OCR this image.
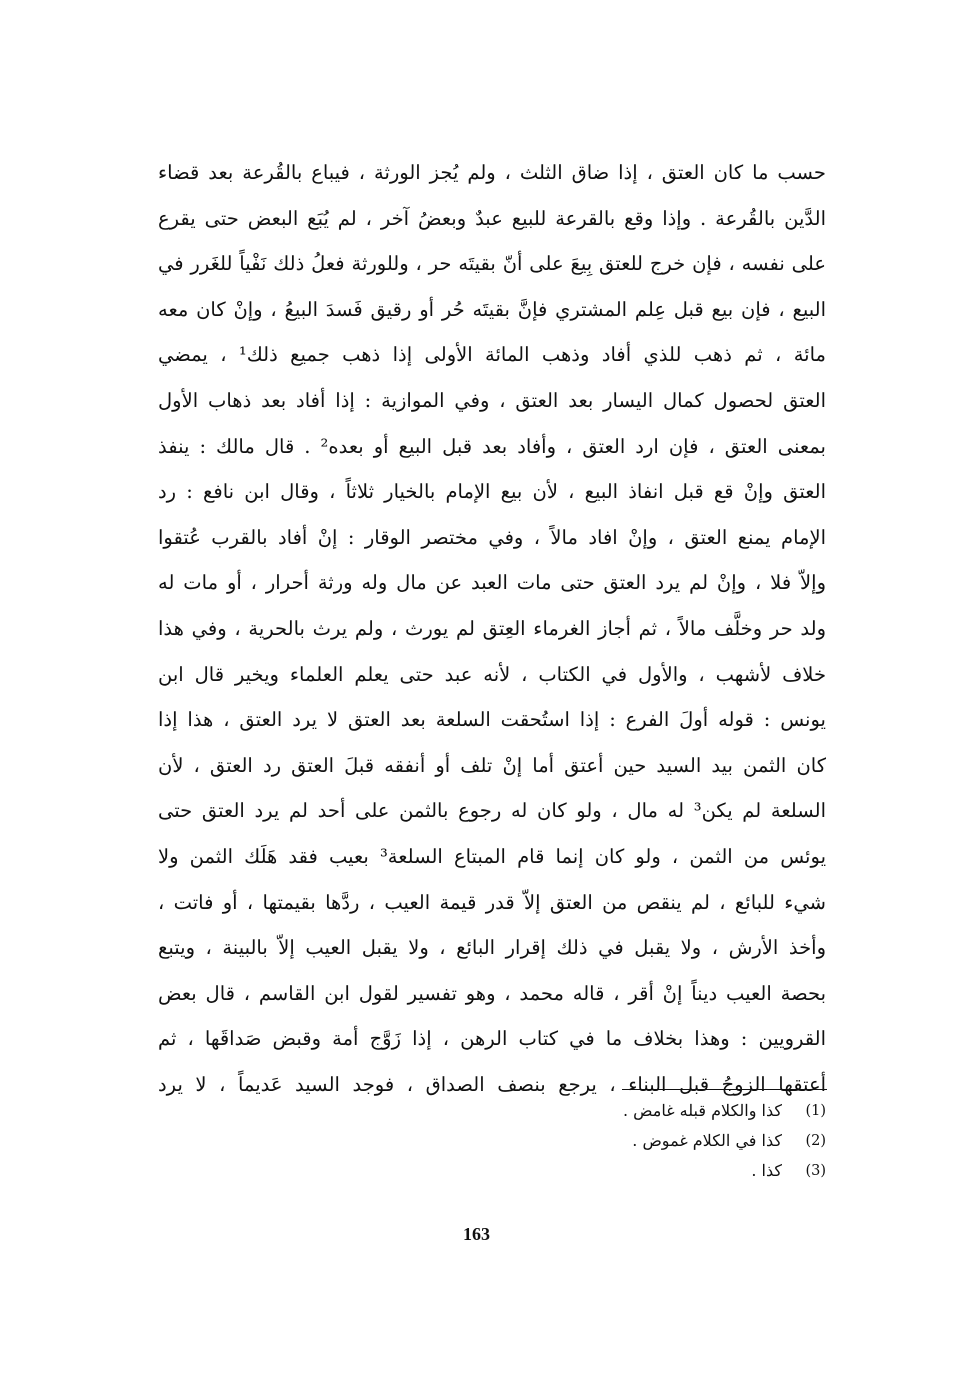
حسب ما كان العتق ، إذا ضاق الثلث ، ولم يُجز الورثة ، فيباع بالقُرعة بعد قضاء
الدَّين بالقُرعة . وإذا وقع بالقرعة للبيع عبدٌ وبعضُ آخر ، لم يُبَع البعض حتى يقرع
على نفسه ، فإن خرج للعتق بِيعَ على أنّ بقيتَه حر ، وللورثة فعلُ ذلك نَفْياً للغَرر في
البيع ، فإن بيع قبل عِلم المشتري فإنَّ بقيتَه حُر أو رقيق فَسدَ البيعُ ، وإنْ كان معه
مائة ، ثم ذهب للذي أفاد وذهب المائة الأولى إذا ذهب جميع ذلك¹ ، يمضي
العتق لحصول كمال اليسار بعد العتق ، وفي الموازية : إذا أفاد بعد ذهاب الأول
بمعنى العتق ، فإن ارد العتق ، وأفاد بعد قبل البيع أو بعده² . قال مالك : ينفذ
العتق وإنْ قع قبل انفاذ البيع ، لأن بيع الإمام بالخيار ثلاثاً ، وقال ابن نافع : رد
الإمام يمنع العتق ، وإنْ افاد مالاً ، وفي مختصر الوقار : إنْ أفاد بالقرب عُتقوا
وإلاّ فلا ، وإنْ لم يرد العتق حتى مات العبد عن مال وله ورثة أحرار ، أو مات له
ولد حر وخلَّف مالاً ، ثم أجاز الغرماء العِتق لم يورث ، ولم يرث بالحرية ، وفي هذا
خلاف لأشهب ، والأول في الكتاب ، لأنه عبد حتى يعلم العلماء ويخير قال ابن
يونس : قوله أولَ الفرع : إذا استُحقت السلعة بعد العتق لا يرد العتق ، هذا إذا
كان الثمن بيد السيد حين أعتق أما إنْ تلف أو أنفقه قبلَ العتق رد العتق ، لأن
السلعة لم يكن³ له مال ، ولو كان له رجوع بالثمن على أحد لم يرد العتق حتى
يوئس من الثمن ، ولو كان إنما قام المبتاع السلعة³ بعيب فقد هَلَك الثمن ولا
شيء للبائع ، لم ينقص من العتق إلاّ قدر قيمة العيب ، ردَّها بقيمتها ، أو فاتت ،
وأخذ الأرش ، ولا يقبل في ذلك إقرار البائع ، ولا يقبل العيب إلاّ بالبينة ، ويتبع
بحصة العيب ديناً إنْ أقر ، قاله محمد ، وهو تفسير لقول ابن القاسم ، قال بعض
القرويين : وهذا بخلاف ما في كتاب الرهن ، إذا زَوَّج أمة وقبض صَداقَها ، ثم
أعتقها الزوجُ قبل البناء ، يرجع بنصف الصداق ، فوجد السيد عَديماً ، لا يرد
(1)
كذا والكلام قبله غامض .
(2)
كذا في الكلام غموض .
(3)
كذا .
163
